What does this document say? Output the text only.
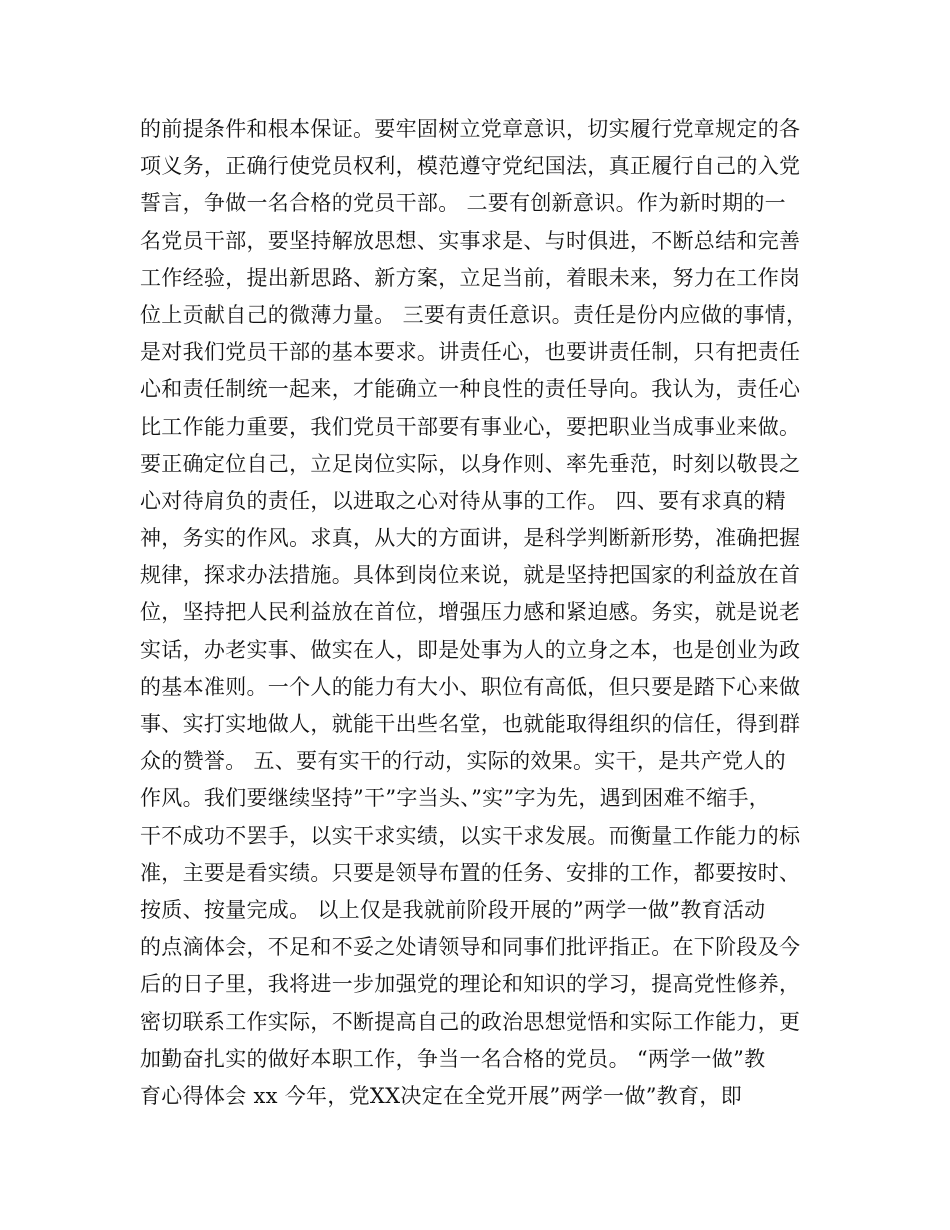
的前提条件和根本保证。要牢固树立党章意识，切实履行党章规定的各
项义务，正确行使党员权利，模范遵守党纪国法，真正履行自己的入党
誓言，争做一名合格的党员干部。 二要有创新意识。作为新时期的一
名党员干部，要坚持解放思想、实事求是、与时俱进，不断总结和完善
工作经验，提出新思路、新方案，立足当前，着眼未来，努力在工作岗
位上贡献自己的微薄力量。 三要有责任意识。责任是份内应做的事情，
是对我们党员干部的基本要求。讲责任心，也要讲责任制，只有把责任
心和责任制统一起来，才能确立一种良性的责任导向。我认为，责任心
比工作能力重要，我们党员干部要有事业心，要把职业当成事业来做。
要正确定位自己，立足岗位实际，以身作则、率先垂范，时刻以敬畏之
心对待肩负的责任，以进取之心对待从事的工作。 四、要有求真的精
神，务实的作风。求真，从大的方面讲，是科学判断新形势，准确把握
规律，探求办法措施。具体到岗位来说，就是坚持把国家的利益放在首
位，坚持把人民利益放在首位，增强压力感和紧迫感。务实，就是说老
实话，办老实事、做实在人，即是处事为人的立身之本，也是创业为政
的基本准则。一个人的能力有大小、职位有高低，但只要是踏下心来做
事、实打实地做人，就能干出些名堂，也就能取得组织的信任，得到群
众的赞誉。 五、要有实干的行动，实际的效果。实干，是共产党人的
作风。我们要继续坚持”干”字当头、”实”字为先，遇到困难不缩手，
干不成功不罢手，以实干求实绩，以实干求发展。而衡量工作能力的标
准，主要是看实绩。只要是领导布置的任务、安排的工作，都要按时、
按质、按量完成。 以上仅是我就前阶段开展的”两学一做”教育活动
的点滴体会，不足和不妥之处请领导和同事们批评指正。在下阶段及今
后的日子里，我将进一步加强党的理论和知识的学习，提高党性修养，
密切联系工作实际，不断提高自己的政治思想觉悟和实际工作能力，更
加勤奋扎实的做好本职工作，争当一名合格的党员。 “两学一做”教
育心得体会 xx 今年，党XX决定在全党开展”两学一做”教育，即
